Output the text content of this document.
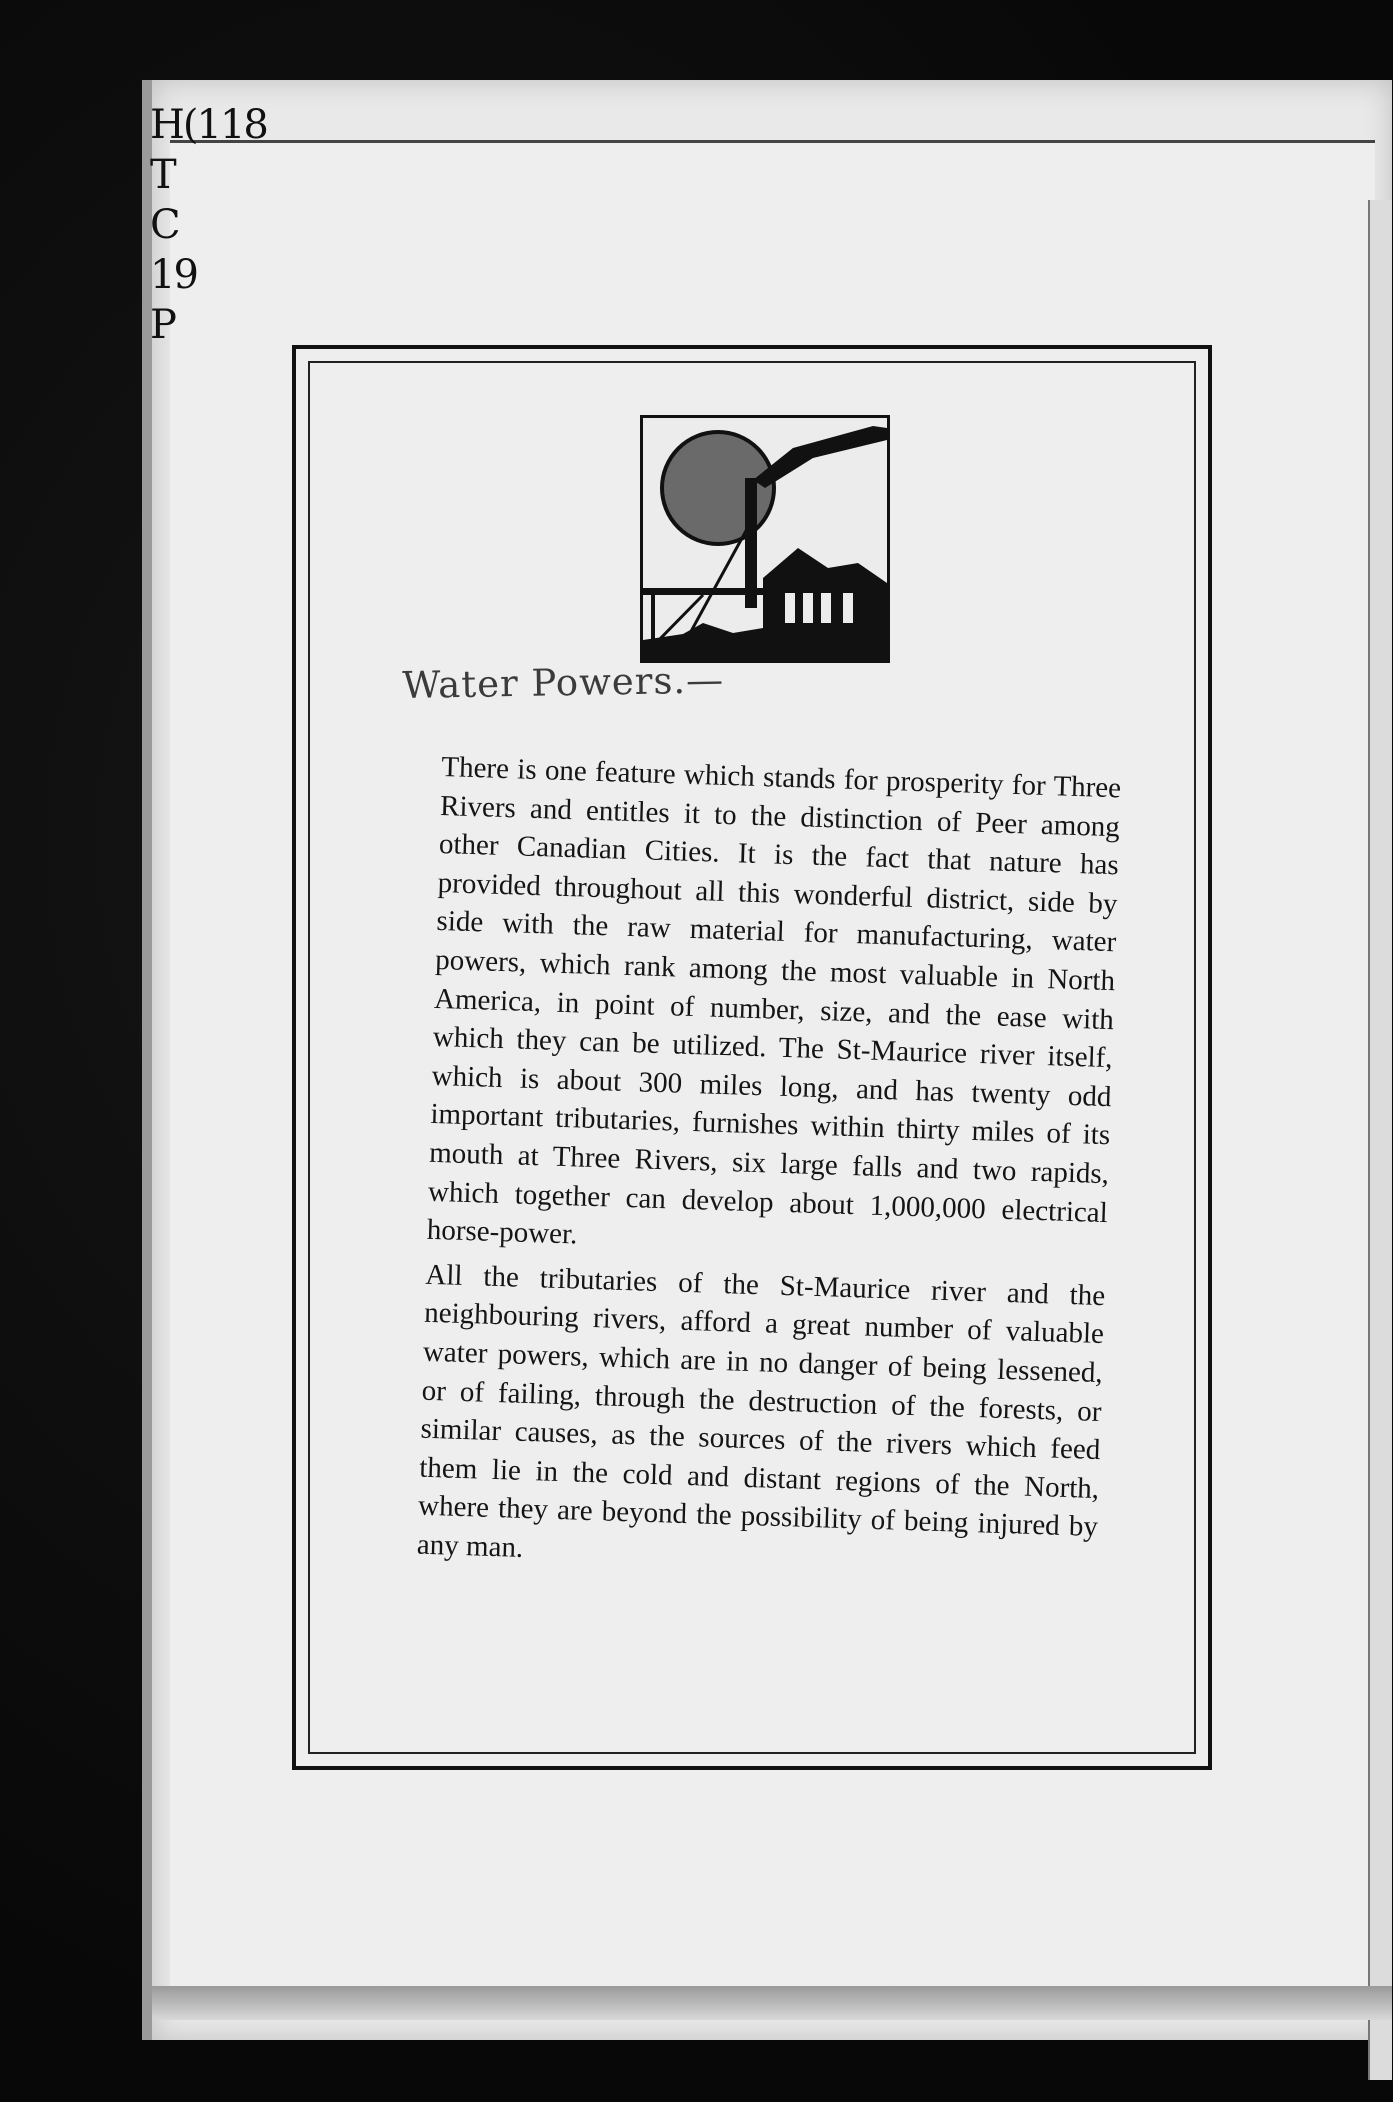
H(118
T
C
19
P
Water Powers.—

There is one feature which stands for prosperity for Three Rivers and entitles it to the distinction of Peer among other Canadian Cities. It is the fact that nature has provided throughout all this wonderful district, side by side with the raw material for manufacturing, water powers, which rank among the most valuable in North America, in point of number, size, and the ease with which they can be utilized. The St-Maurice river itself, which is about 300 miles long, and has twenty odd important tributaries, furnishes within thirty miles of its mouth at Three Rivers, six large falls and two rapids, which together can develop about 1,000,000 electrical horse-power.

All the tributaries of the St-Maurice river and the neighbouring rivers, afford a great number of valuable water powers, which are in no danger of being lessened, or of failing, through the destruction of the forests, or similar causes, as the sources of the rivers which feed them lie in the cold and distant regions of the North, where they are beyond the possibility of being injured by any man.
